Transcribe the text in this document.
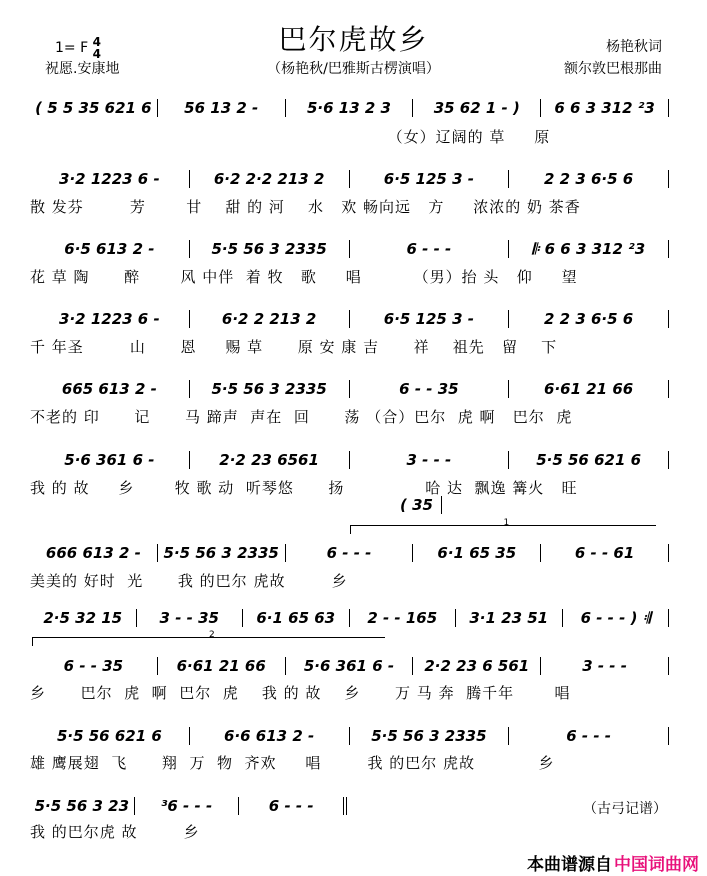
1= F 4
4	巴尔虎故乡
祝愿.安康地	（杨艳秋/巴雅斯古楞演唱）
杨艳秋词
额尔敦巴根那曲
( 5 5 35 621 6	56 13 2 -	5·6 13 2 3	35 62 1 - )	6 6 3 312 ²3
（女）辽阔的 草     原
3·2 1223 6 -	6·2 2·2 213 2	6·5 125 3 -	2 2 3 6·5 6
散 发芬        芳       甘    甜 的 河    水   欢 畅向远   方     浓浓的 奶 茶香
6·5 613 2 -	5·5 56 3 2335	6 - - -	𝄆 6 6 3 312 ²3
花 草 陶      醉       风 中伴  着 牧   歌     唱         （男）抬 头   仰     望
3·2 1223 6 -	6·2 2 213 2	6·5 125 3 -	2 2 3 6·5 6
千 年圣        山      恩     赐 草      原 安 康 吉      祥    祖先   留    下
665 613 2 -	5·5 56 3 2335	6 - - 35	6·61 21 66
不老的 印      记      马 蹄声  声在  回      荡 （合）巴尔  虎 啊   巴尔  虎
5·6 361 6 -	2·2 23 6561	3 - - -	5·5 56 621 6
我 的 故     乡       牧 歌 动  听琴悠      扬              哈 达  飘逸 篝火   旺
666 613 2 -	5·5 56 3 2335	6 - - -	6·1 65 35	6 - - 61
美美的 好时  光      我 的巴尔 虎故        乡
2·5 32 15	3 - - 35	6·1 65 63	2 - - 165	3·1 23 51	6 - - - ) 𝄇
6 - - 35	6·61 21 66	5·6 361 6 -	2·2 23 6 561	3 - - -
乡      巴尔  虎  啊  巴尔  虎    我 的 故    乡      万 马 奔  腾千年       唱
5·5 56 621 6	6·6 613 2 -	5·5 56 3 2335	6 - - -
雄 鹰展翅  飞      翔  万  物  齐欢     唱        我 的巴尔 虎故           乡
5·5 56 3 23	³6 - - -	6 - - -
我 的巴尔虎 故        乡
( 35
1
2
（古弓记谱）
本曲谱源自 中国词曲网
